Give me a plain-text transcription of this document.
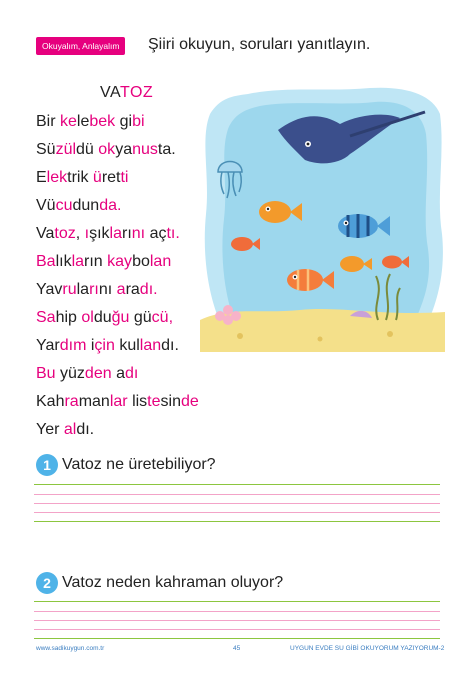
Okuyalım, Anlayalım	Şiiri okuyun, soruları yanıtlayın.
VATOZ
Bir kelebek gibi
Süzüldü okyanusta.
Elektrik üretti
Vücudunda.
Vatoz, ışıklarını açtı.
Balıkların kaybolan
Yavrularını aradı.
Sahip olduğu gücü,
Yardım için kullandı.
Bu yüzden adı
Kahramanlar listesinde
Yer aldı.
1 Vatoz ne üretebiliyor?
2 Vatoz neden kahraman oluyor?
www.sadikuygun.com.tr	45	UYGUN EVDE SU GİBİ OKUYORUM YAZIYORUM-2
